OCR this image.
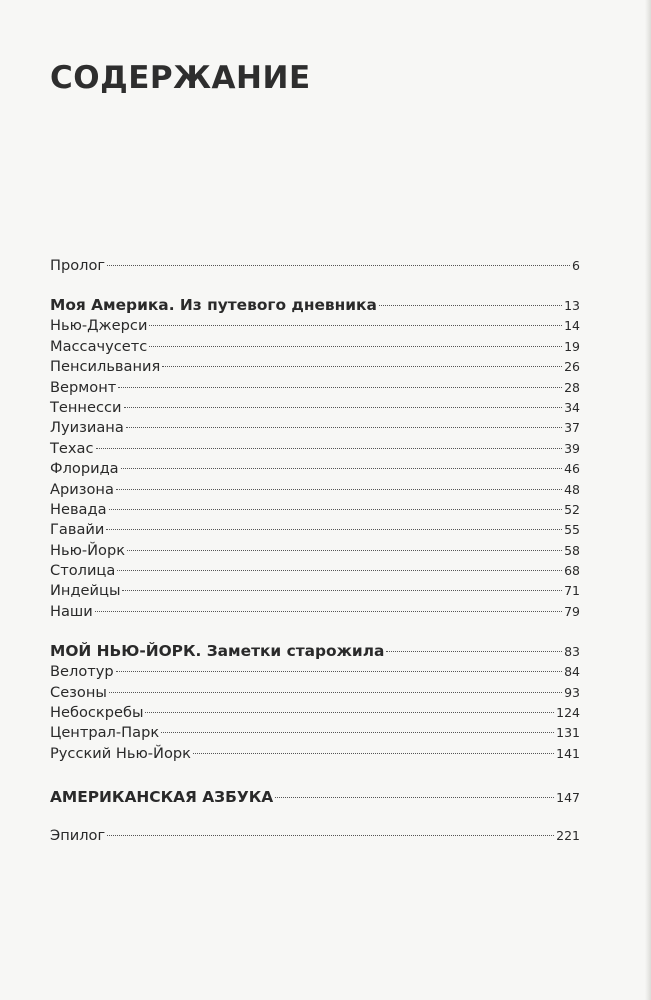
СОДЕРЖАНИЕ
Пролог	6
Моя Америка. Из путевого дневника	13
Нью-Джерси	14
Массачусетс	19
Пенсильвания	26
Вермонт	28
Теннесси	34
Луизиана	37
Техас	39
Флорида	46
Аризона	48
Невада	52
Гавайи	55
Нью-Йорк	58
Столица	68
Индейцы	71
Наши	79
МОЙ НЬЮ-ЙОРК. Заметки старожила	83
Велотур	84
Сезоны	93
Небоскребы	124
Централ-Парк	131
Русский Нью-Йорк	141
АМЕРИКАНСКАЯ АЗБУКА	147
Эпилог	221
